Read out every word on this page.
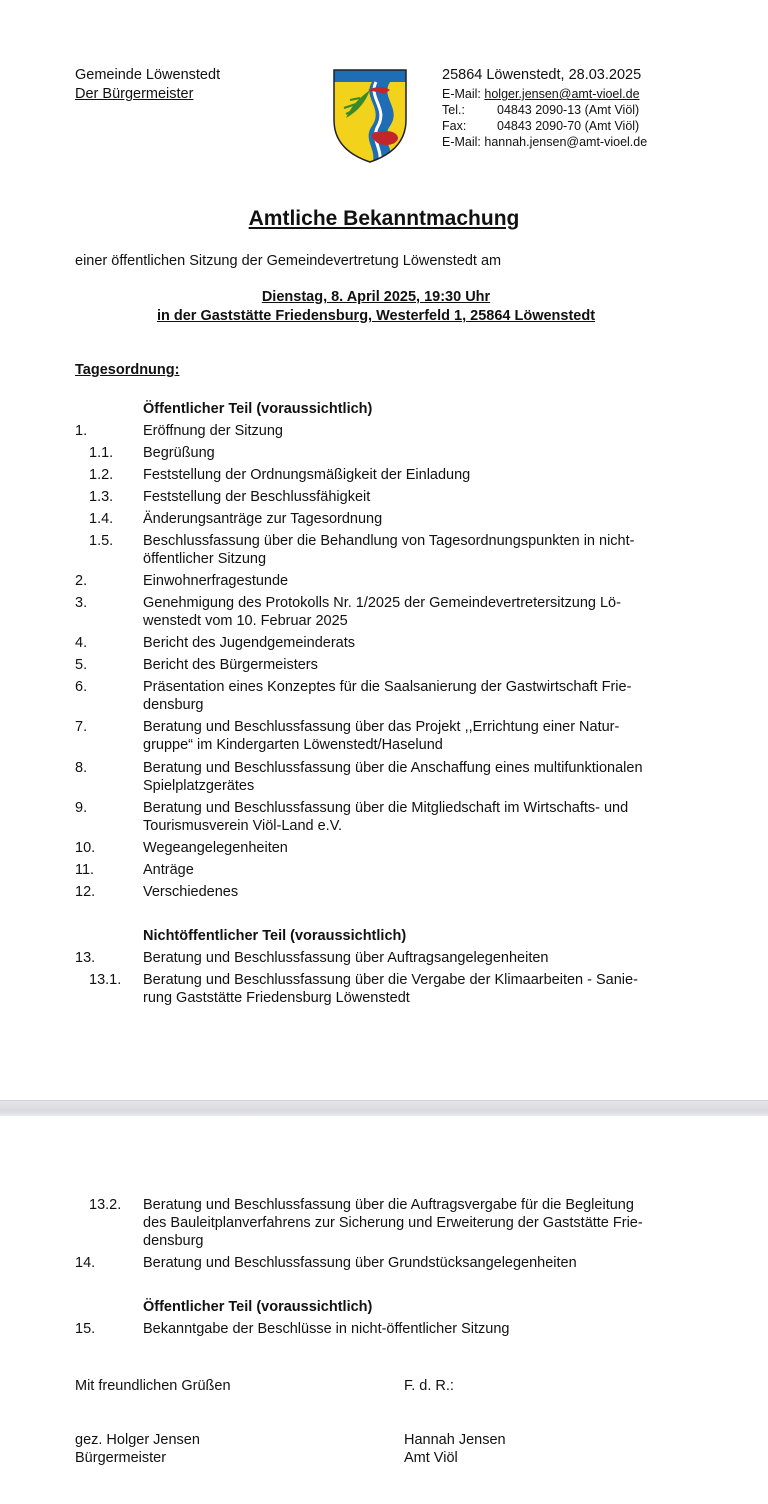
Gemeinde Löwenstedt
Der Bürgermeister
25864 Löwenstedt, 28.03.2025
E-Mail: holger.jensen@amt-vioel.de
Tel.:	04843 2090-13 (Amt Viöl)
Fax: 04843 2090-70 (Amt Viöl)
E-Mail: hannah.jensen@amt-vioel.de
Amtliche Bekanntmachung
einer öffentlichen Sitzung der Gemeindevertretung Löwenstedt am
Dienstag, 8. April 2025, 19:30 Uhr
in der Gaststätte Friedensburg, Westerfeld 1, 25864 Löwenstedt
Tagesordnung:
Öffentlicher Teil (voraussichtlich)
1.	Eröffnung der Sitzung
1.1. Begrüßung
1.2. Feststellung der Ordnungsmäßigkeit der Einladung
1.3. Feststellung der Beschlussfähigkeit
1.4. Änderungsanträge zur Tagesordnung
1.5. Beschlussfassung über die Behandlung von Tagesordnungspunkten in nicht-
öffentlicher Sitzung
2.	Einwohnerfragestunde
3.	Genehmigung des Protokolls Nr. 1/2025 der Gemeindevertretersitzung Lö-
wenstedt vom 10. Februar 2025
4.	Bericht des Jugendgemeinderats
5.	Bericht des Bürgermeisters
6.	Präsentation eines Konzeptes für die Saalsanierung der Gastwirtschaft Frie-
densburg
7.	Beratung und Beschlussfassung über das Projekt ,,Errichtung einer Natur-
gruppe“ im Kindergarten Löwenstedt/Haselund
8.	Beratung und Beschlussfassung über die Anschaffung eines multifunktionalen
Spielplatzgerätes
9.	Beratung und Beschlussfassung über die Mitgliedschaft im Wirtschafts- und
Tourismusverein Viöl-Land e.V.
10.	Wegeangelegenheiten
11.	Anträge
12.	Verschiedenes
Nichtöffentlicher Teil (voraussichtlich)
13.	Beratung und Beschlussfassung über Auftragsangelegenheiten
13.1. Beratung und Beschlussfassung über die Vergabe der Klimaarbeiten - Sanie-
rung Gaststätte Friedensburg Löwenstedt
13.2. Beratung und Beschlussfassung über die Auftragsvergabe für die Begleitung
des Bauleitplanverfahrens zur Sicherung und Erweiterung der Gaststätte Frie-
densburg
14.	Beratung und Beschlussfassung über Grundstücksangelegenheiten
Öffentlicher Teil (voraussichtlich)
15.	Bekanntgabe der Beschlüsse in nicht-öffentlicher Sitzung
Mit freundlichen Grüßen	F. d. R.:
gez. Holger Jensen
Bürgermeister
Hannah Jensen
Amt Viöl
